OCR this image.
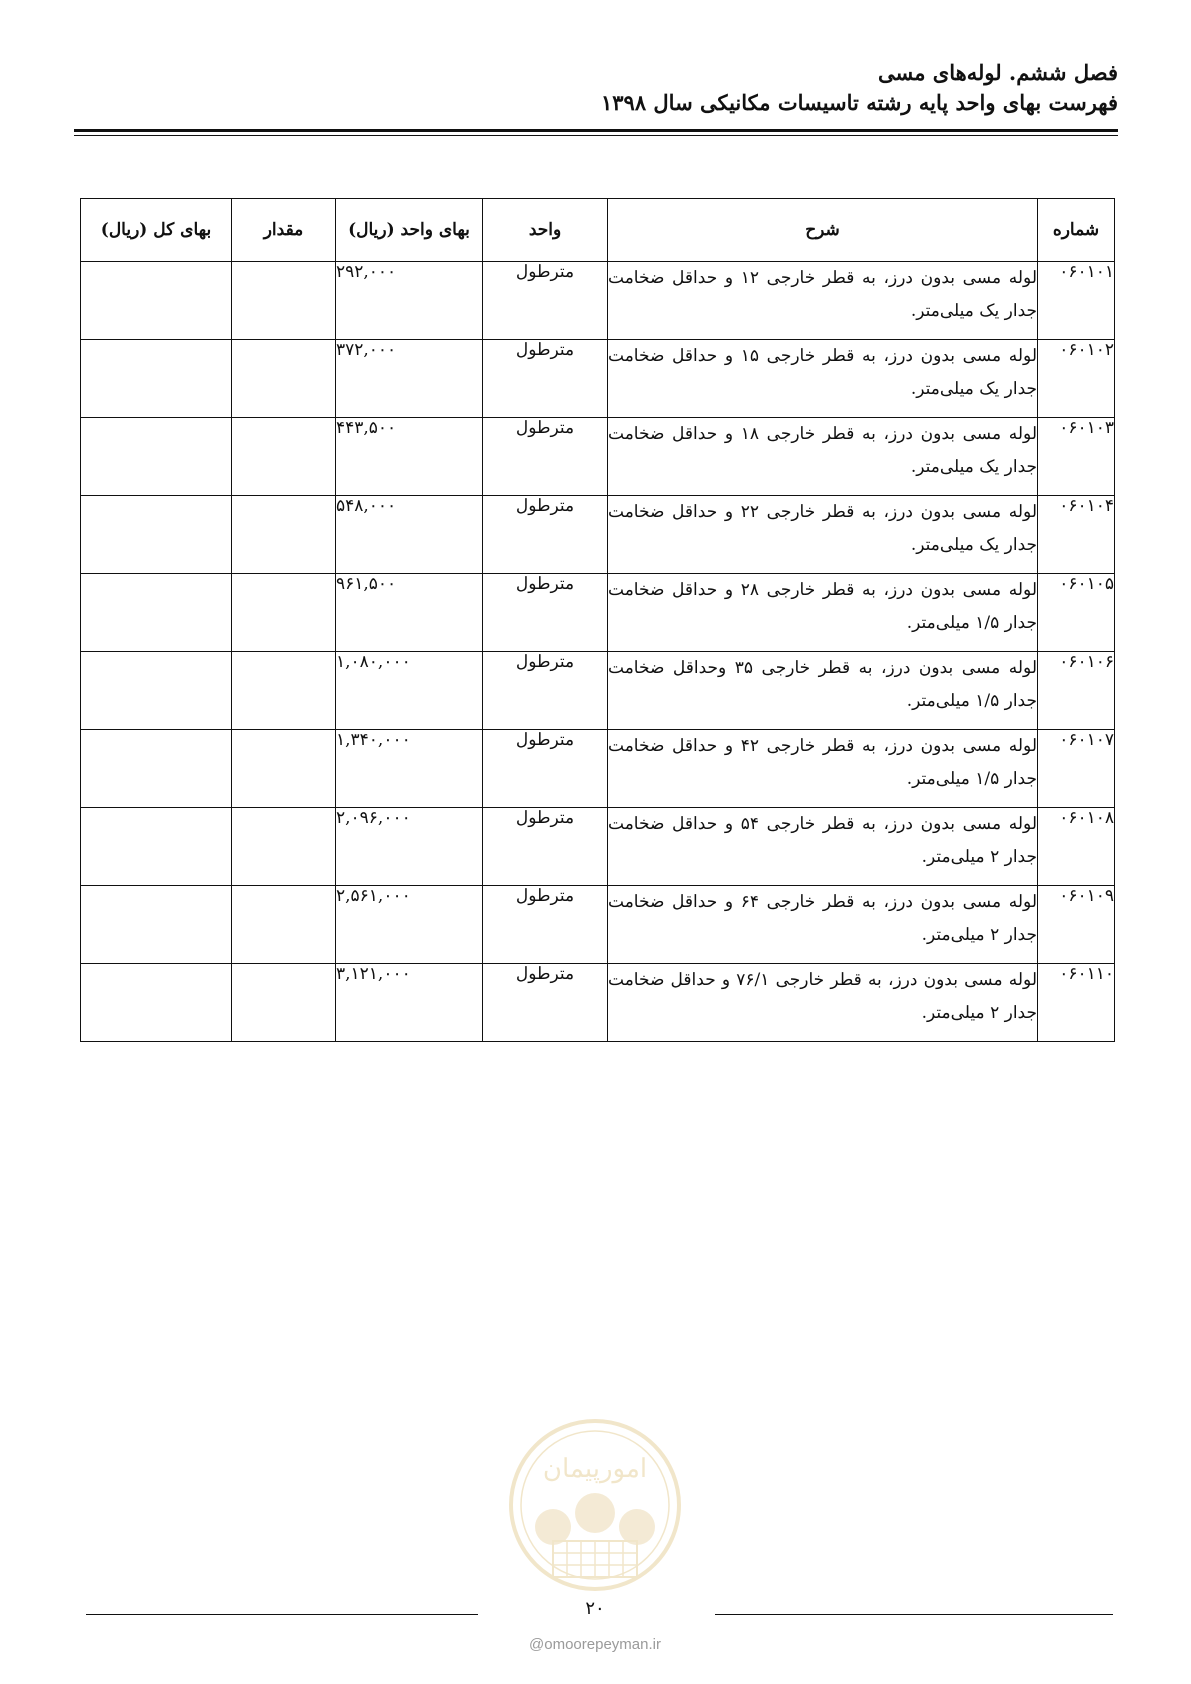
فصل ششم. لوله‌های مسی
فهرست بهای واحد پایه رشته تاسیسات مکانیکی سال ۱۳۹۸
شماره	شرح	واحد	بهای واحد (ریال)	مقدار	بهای کل (ریال)
۰۶۰۱۰۱	لوله مسی بدون درز، به قطر خارجی ۱۲ و حداقل ضخامت جدار یک میلی‌متر.	مترطول	۲۹۲,۰۰۰		
۰۶۰۱۰۲	لوله مسی بدون درز، به قطر خارجی ۱۵ و حداقل ضخامت جدار یک میلی‌متر.	مترطول	۳۷۲,۰۰۰		
۰۶۰۱۰۳	لوله مسی بدون درز، به قطر خارجی ۱۸ و حداقل ضخامت جدار یک میلی‌متر.	مترطول	۴۴۳,۵۰۰		
۰۶۰۱۰۴	لوله مسی بدون درز، به قطر خارجی ۲۲ و حداقل ضخامت جدار یک میلی‌متر.	مترطول	۵۴۸,۰۰۰		
۰۶۰۱۰۵	لوله مسی بدون درز، به قطر خارجی ۲۸ و حداقل ضخامت جدار ۱/۵ میلی‌متر.	مترطول	۹۶۱,۵۰۰		
۰۶۰۱۰۶	لوله مسی بدون درز، به قطر خارجی ۳۵ وحداقل ضخامت جدار ۱/۵ میلی‌متر.	مترطول	۱,۰۸۰,۰۰۰		
۰۶۰۱۰۷	لوله مسی بدون درز، به قطر خارجی ۴۲ و حداقل ضخامت جدار ۱/۵ میلی‌متر.	مترطول	۱,۳۴۰,۰۰۰		
۰۶۰۱۰۸	لوله مسی بدون درز، به قطر خارجی ۵۴ و حداقل ضخامت جدار ۲ میلی‌متر.	مترطول	۲,۰۹۶,۰۰۰		
۰۶۰۱۰۹	لوله مسی بدون درز، به قطر خارجی ۶۴ و حداقل ضخامت جدار ۲ میلی‌متر.	مترطول	۲,۵۶۱,۰۰۰		
۰۶۰۱۱۰	لوله مسی بدون درز، به قطر خارجی ۷۶/۱ و حداقل ضخامت جدار ۲ میلی‌متر.	مترطول	۳,۱۲۱,۰۰۰		
امورپیمان
۲۰
@omoorepeyman.ir
